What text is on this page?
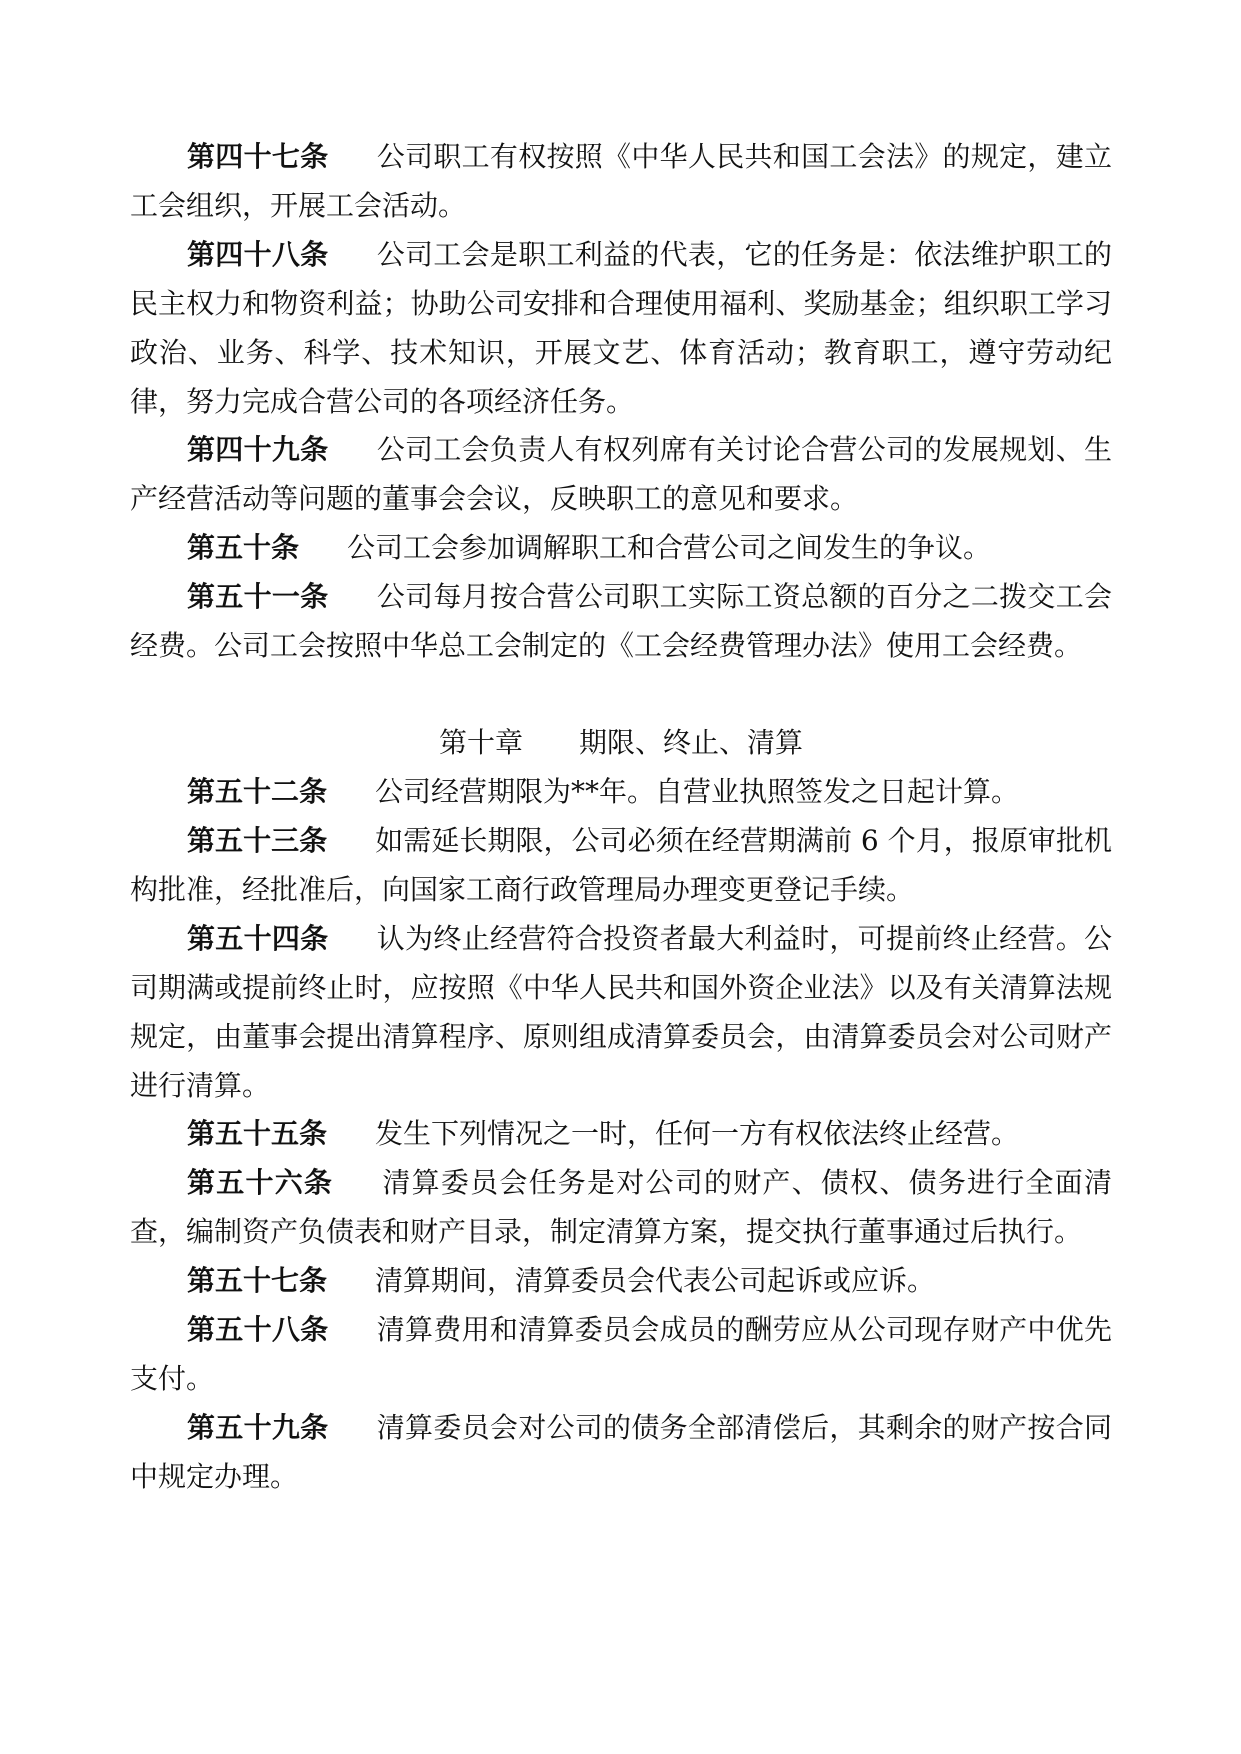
第四十七条 公司职工有权按照《中华人民共和国工会法》的规定，建立工会组织，开展工会活动。

第四十八条 公司工会是职工利益的代表，它的任务是：依法维护职工的民主权力和物资利益；协助公司安排和合理使用福利、奖励基金；组织职工学习政治、业务、科学、技术知识，开展文艺、体育活动；教育职工，遵守劳动纪律，努力完成合营公司的各项经济任务。

第四十九条 公司工会负责人有权列席有关讨论合营公司的发展规划、生产经营活动等问题的董事会会议，反映职工的意见和要求。

第五十条 公司工会参加调解职工和合营公司之间发生的争议。

第五十一条 公司每月按合营公司职工实际工资总额的百分之二拨交工会经费。公司工会按照中华总工会制定的《工会经费管理办法》使用工会经费。

第十章 期限、终止、清算

第五十二条 公司经营期限为**年。自营业执照签发之日起计算。

第五十三条 如需延长期限，公司必须在经营期满前 6 个月，报原审批机构批准，经批准后，向国家工商行政管理局办理变更登记手续。

第五十四条 认为终止经营符合投资者最大利益时，可提前终止经营。公司期满或提前终止时，应按照《中华人民共和国外资企业法》以及有关清算法规规定，由董事会提出清算程序、原则组成清算委员会，由清算委员会对公司财产进行清算。

第五十五条 发生下列情况之一时，任何一方有权依法终止经营。

第五十六条 清算委员会任务是对公司的财产、债权、债务进行全面清查，编制资产负债表和财产目录，制定清算方案，提交执行董事通过后执行。

第五十七条 清算期间，清算委员会代表公司起诉或应诉。

第五十八条 清算费用和清算委员会成员的酬劳应从公司现存财产中优先支付。

第五十九条 清算委员会对公司的债务全部清偿后，其剩余的财产按合同中规定办理。
